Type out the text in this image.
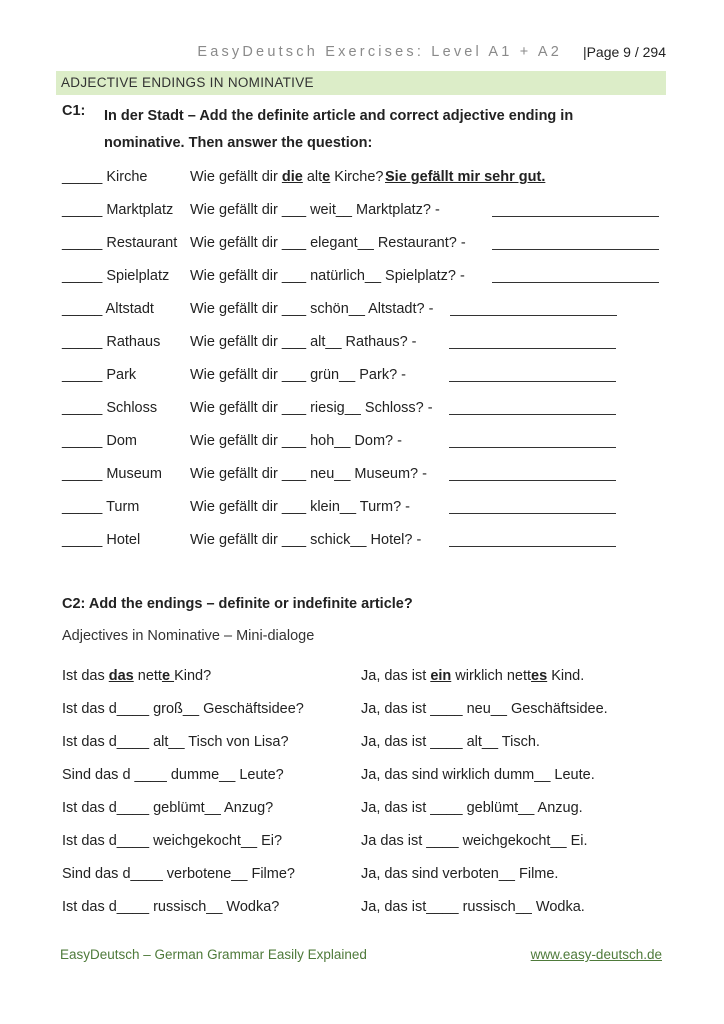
EasyDeutsch Exercises: Level A1 + A2 |Page 9 / 294
ADJECTIVE ENDINGS IN NOMINATIVE
C1: In der Stadt – Add the definite article and correct adjective ending in nominative. Then answer the question:
_____ Kirche	Wie gefällt dir die alte Kirche? -
Sie gefällt mir sehr gut.
_____ Marktplatz Wie gefällt dir ___ weit__ Marktplatz? -
_____ Restaurant Wie gefällt dir ___ elegant__ Restaurant? -
_____ Spielplatz Wie gefällt dir ___ natürlich__ Spielplatz? -
_____ Altstadt Wie gefällt dir ___ schön__ Altstadt? -
_____ Rathaus Wie gefällt dir ___ alt__ Rathaus? -
_____ Park	Wie gefällt dir ___ grün__ Park? -
_____ Schloss Wie gefällt dir ___ riesig__ Schloss? -
_____ Dom	Wie gefällt dir ___ hoh__ Dom? -
_____ Museum Wie gefällt dir ___ neu__ Museum? -
_____ Turm	Wie gefällt dir ___ klein__ Turm? -
_____ Hotel	Wie gefällt dir ___ schick__ Hotel? -
C2: Add the endings – definite or indefinite article?
Adjectives in Nominative – Mini-dialoge
Ist das das nette Kind?	Ja, das ist ein wirklich nettes Kind.
Ist das d____ groß__ Geschäftsidee?	Ja, das ist ____ neu__ Geschäftsidee.
Ist das d____ alt__ Tisch von Lisa?	Ja, das ist ____ alt__ Tisch.
Sind das d ____ dumme__ Leute?	Ja, das sind wirklich dumm__ Leute.
Ist das d____ geblümt__ Anzug?	Ja, das ist ____ geblümt__ Anzug.
Ist das d____ weichgekocht__ Ei?	Ja das ist ____ weichgekocht__ Ei.
Sind das d____ verbotene__ Filme?	Ja, das sind verboten__ Filme.
Ist das d____ russisch__ Wodka?	Ja, das ist____ russisch__ Wodka.
EasyDeutsch – German Grammar Easily Explained	www.easy-deutsch.de
